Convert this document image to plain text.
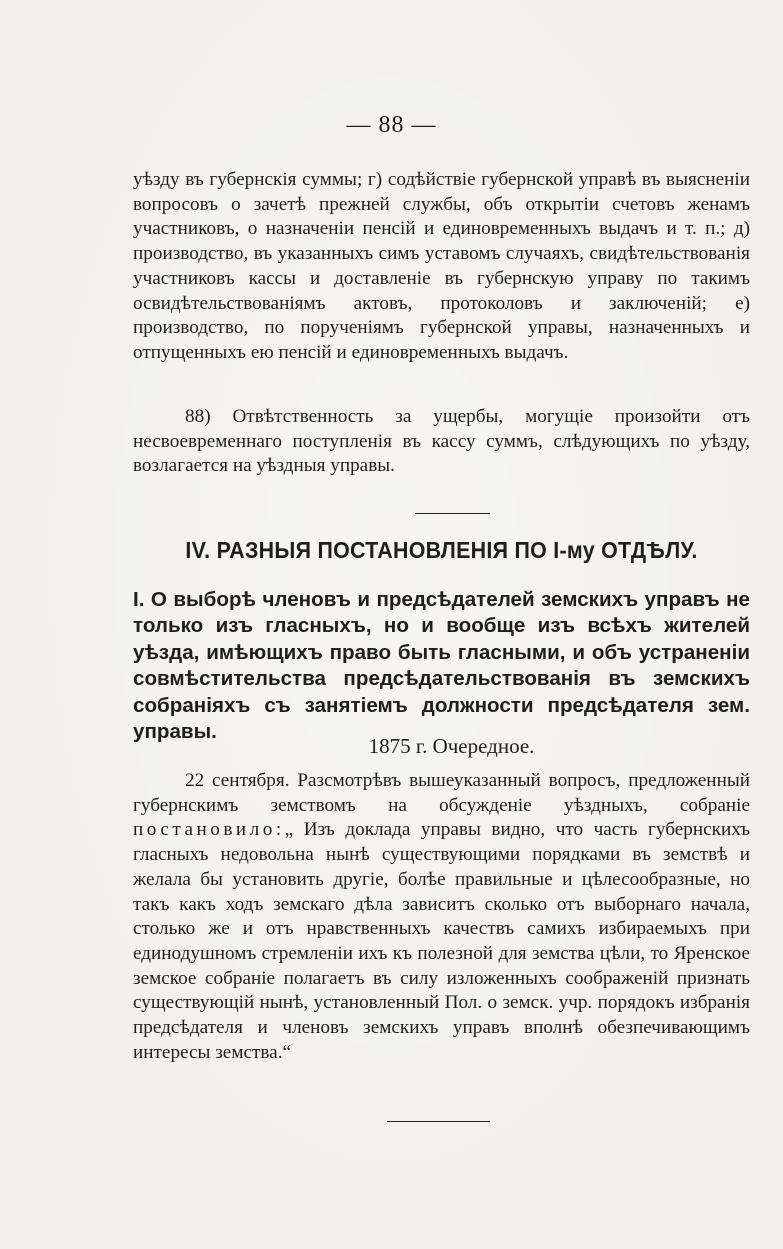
— 88 —

уѣзду въ губернскія суммы; г) содѣйствіе губернской управѣ въ выясненіи вопросовъ о зачетѣ прежней службы, объ открытіи счетовъ женамъ участниковъ, о назначеніи пенсій и единовременныхъ выдачъ и т. п.; д) производство, въ указанныхъ симъ уставомъ случаяхъ, свидѣтельствованія участниковъ кассы и доставленіе въ губернскую управу по такимъ освидѣтельствованіямъ актовъ, протоколовъ и заключеній; е) производство, по порученіямъ губернской управы, назначенныхъ и отпущенныхъ ею пенсій и единовременныхъ выдачъ.

88) Отвѣтственность за ущербы, могущіе произойти отъ несвоевременнаго поступленія въ кассу суммъ, слѣдующихъ по уѣзду, возлагается на уѣздныя управы.

IV. РАЗНЫЯ ПОСТАНОВЛЕНІЯ ПО І-му ОТДѢЛУ.
I. О выборѣ членовъ и предсѣдателей земскихъ управъ не только изъ гласныхъ, но и вообще изъ всѣхъ жителей уѣзда, имѣющихъ право быть гласными, и объ устраненіи совмѣстительства предсѣдательствованія въ земскихъ собраніяхъ съ занятіемъ должности предсѣдателя зем. управы.
1875 г. Очередное.

22 сентября. Разсмотрѣвъ вышеуказанный вопросъ, предложенный губернскимъ земствомъ на обсужденіе уѣздныхъ, собраніе постановило:„ Изъ доклада управы видно, что часть губернскихъ гласныхъ недовольна нынѣ существующими порядками въ земствѣ и желала бы установить другіе, болѣе правильные и цѣлесообразные, но такъ какъ ходъ земскаго дѣла зависитъ сколько отъ выборнаго начала, столько же и отъ нравственныхъ качествъ самихъ избираемыхъ при единодушномъ стремленіи ихъ къ полезной для земства цѣли, то Яренское земское собраніе полагаетъ въ силу изложенныхъ соображеній признать существующій нынѣ, установленный Пол. о земск. учр. порядокъ избранія предсѣдателя и членовъ земскихъ управъ вполнѣ обезпечивающимъ интересы земства.“
